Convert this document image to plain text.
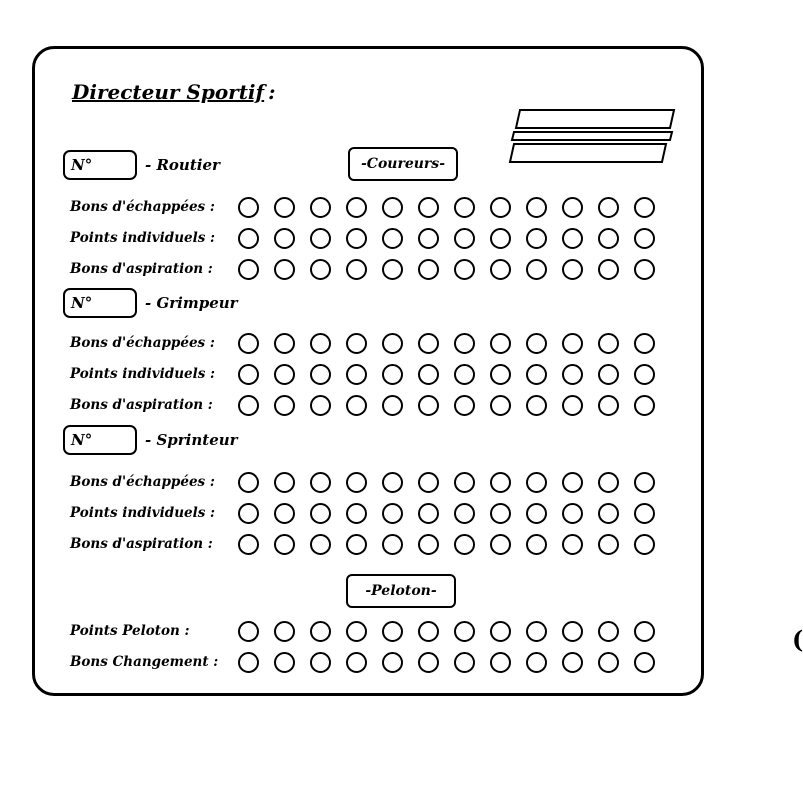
Directeur Sportif :
N°	- Routier	-Coureurs-
Bons d'échappées :
Points individuels :
Bons d'aspiration :
N°	- Grimpeur
Bons d'échappées :
Points individuels :
Bons d'aspiration :
N°	- Sprinteur
Bons d'échappées :
Points individuels :
Bons d'aspiration :
-Peloton-
Points Peloton :
Bons Changement :
(
